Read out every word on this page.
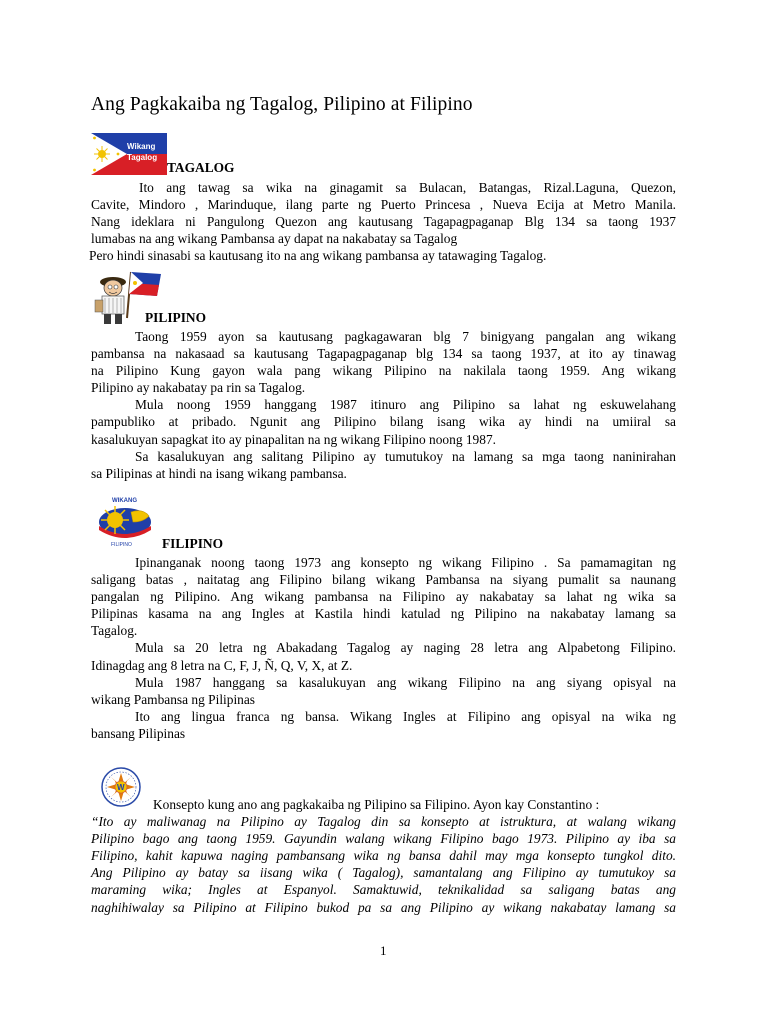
Ang Pagkakaiba ng Tagalog, Pilipino at Filipino
Wikang
Tagalog
TAGALOG
Ito ang tawag sa wika na ginagamit sa Bulacan, Batangas, Rizal.Laguna, Quezon,
Cavite, Mindoro , Marinduque, ilang parte ng Puerto Princesa , Nueva Ecija at Metro Manila.
Nang ideklara ni Pangulong Quezon ang kautusang Tagapagpaganap Blg 134 sa taong 1937
lumabas na ang wikang Pambansa ay dapat na nakabatay sa Tagalog
Pero hindi sinasabi sa kautusang ito na ang wikang pambansa ay tatawaging Tagalog.
PILIPINO
Taong 1959 ayon sa kautusang pagkagawaran blg 7 binigyang pangalan ang wikang
pambansa na nakasaad sa kautusang Tagapagpaganap blg 134 sa taong 1937, at ito ay tinawag
na Pilipino Kung gayon wala pang wikang Pilipino na nakilala taong 1959. Ang wikang
Pilipino ay nakabatay pa rin sa Tagalog.
Mula noong 1959 hanggang 1987 itinuro ang Pilipino sa lahat ng eskuwelahang
pampubliko at pribado. Ngunit ang Pilipino bilang isang wika ay hindi na umiiral sa
kasalukuyan sapagkat ito ay pinapalitan na ng wikang Filipino noong 1987.
Sa kasalukuyan ang salitang Pilipino ay tumutukoy na lamang sa mga taong naninirahan
sa Pilipinas at hindi na isang wikang pambansa.
WIKANG
FILIPINO FILIPINO
Ipinanganak noong taong 1973 ang konsepto ng wikang Filipino . Sa pamamagitan ng
saligang batas , naitatag ang Filipino bilang wikang Pambansa na siyang pumalit sa naunang
pangalan ng Pilipino. Ang wikang pambansa na Filipino ay nakabatay sa lahat ng wika sa
Pilipinas kasama na ang Ingles at Kastila hindi katulad ng Pilipino na nakabatay lamang sa
Tagalog.
Mula sa 20 letra ng Abakadang Tagalog ay naging 28 letra ang Alpabetong Filipino.
Idinagdag ang 8 letra na C, F, J, Ñ, Q, V, X, at Z.
Mula 1987 hanggang sa kasalukuyan ang wikang Filipino na ang siyang opisyal na
wikang Pambansa ng Pilipinas
Ito ang lingua franca ng bansa. Wikang Ingles at Filipino ang opisyal na wika ng
bansang Pilipinas
W
Konsepto kung ano ang pagkakaiba ng Pilipino sa Filipino. Ayon kay Constantino :
“Ito ay maliwanag na Pilipino ay Tagalog din sa konsepto at istruktura, at walang wikang
Pilipino bago ang taong 1959. Gayundin walang wikang Filipino bago 1973. Pilipino ay iba sa
Filipino, kahit kapuwa naging pambansang wika ng bansa dahil may mga konsepto tungkol dito.
Ang Pilipino ay batay sa iisang wika ( Tagalog), samantalang ang Filipino ay tumutukoy sa
maraming wika; Ingles at Espanyol. Samaktuwid, teknikalidad sa saligang batas ang
naghihiwalay sa Pilipino at Filipino bukod pa sa ang Pilipino ay wikang nakabatay lamang sa
1
